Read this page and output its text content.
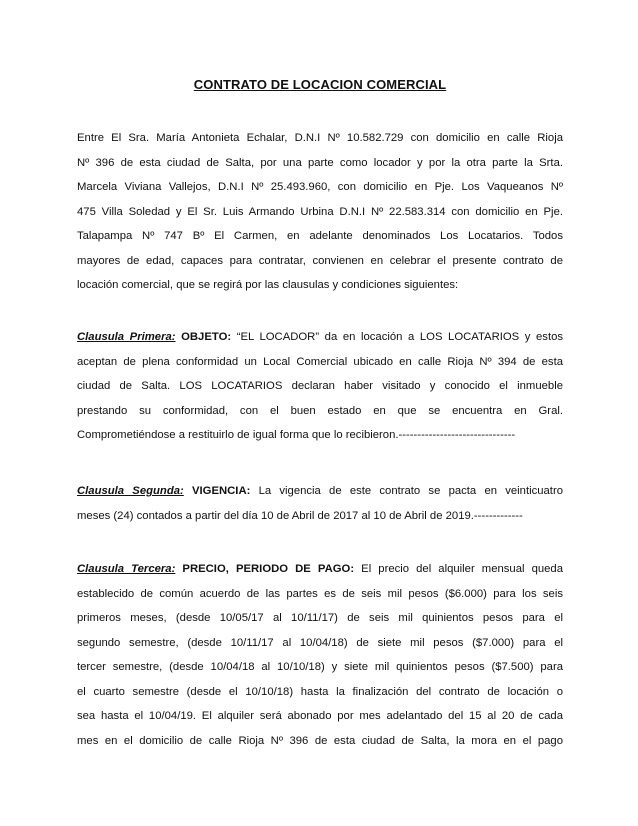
CONTRATO DE LOCACION COMERCIAL
Entre El Sra. María Antonieta Echalar, D.N.I Nº 10.582.729 con domicilio en calle Rioja
Nº 396 de esta ciudad de Salta, por una parte como locador y por la otra parte la Srta.
Marcela Viviana Vallejos, D.N.I Nº 25.493.960, con domicilio en Pje. Los Vaqueanos Nº
475 Villa Soledad y El Sr. Luis Armando Urbina D.N.I Nº 22.583.314 con domicilio en Pje.
Talapampa Nº 747 Bº El Carmen, en adelante denominados Los Locatarios. Todos
mayores de edad, capaces para contratar, convienen en celebrar el presente contrato de
locación comercial, que se regirá por las clausulas y condiciones siguientes:
Clausula Primera: OBJETO: “EL LOCADOR” da en locación a LOS LOCATARIOS y estos
aceptan de plena conformidad un Local Comercial ubicado en calle Rioja Nº 394 de esta
ciudad de Salta. LOS LOCATARIOS declaran haber visitado y conocido el inmueble
prestando su conformidad, con el buen estado en que se encuentra en Gral.
Comprometiéndose a restituirlo de igual forma que lo recibieron.-------------------------------
Clausula Segunda: VIGENCIA: La vigencia de este contrato se pacta en veinticuatro
meses (24) contados a partir del día 10 de Abril de 2017 al 10 de Abril de 2019.-------------
Clausula Tercera: PRECIO, PERIODO DE PAGO: El precio del alquiler mensual queda
establecido de común acuerdo de las partes es de seis mil pesos ($6.000) para los seis
primeros meses, (desde 10/05/17 al 10/11/17) de seis mil quinientos pesos para el
segundo semestre, (desde 10/11/17 al 10/04/18) de siete mil pesos ($7.000) para el
tercer semestre, (desde 10/04/18 al 10/10/18) y siete mil quinientos pesos ($7.500) para
el cuarto semestre (desde el 10/10/18) hasta la finalización del contrato de locación o
sea hasta el 10/04/19. El alquiler será abonado por mes adelantado del 15 al 20 de cada
mes en el domicilio de calle Rioja Nº 396 de esta ciudad de Salta, la mora en el pago
